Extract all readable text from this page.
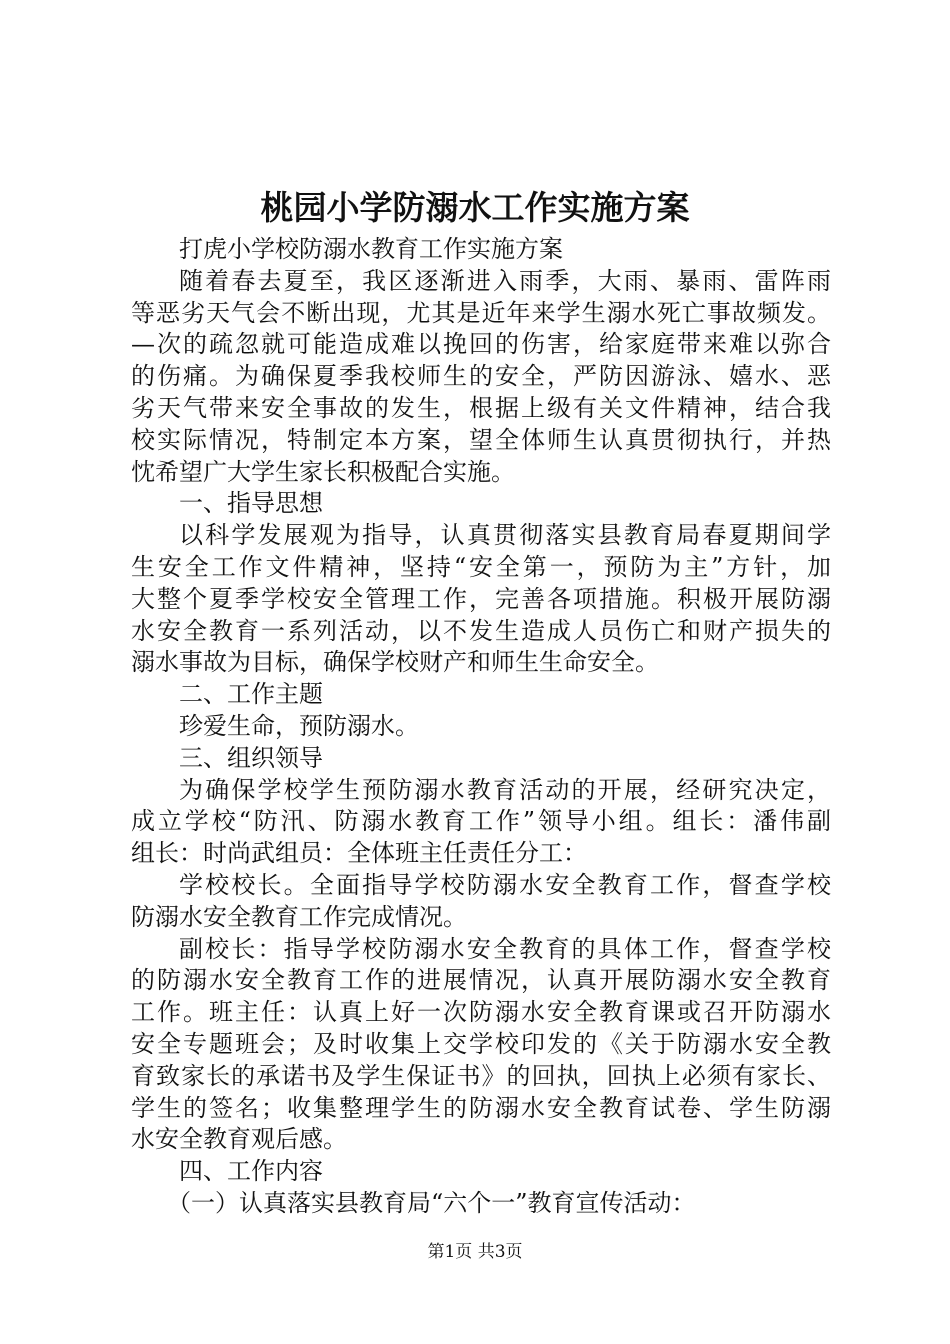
桃园小学防溺水工作实施方案
打虎小学校防溺水教育工作实施方案
随着春去夏至，我区逐渐进入雨季，大雨、暴雨、雷阵雨
等恶劣天气会不断出现，尤其是近年来学生溺水死亡事故频发。
—次的疏忽就可能造成难以挽回的伤害，给家庭带来难以弥合
的伤痛。为确保夏季我校师生的安全，严防因游泳、嬉水、恶
劣天气带来安全事故的发生，根据上级有关文件精神，结合我
校实际情况，特制定本方案，望全体师生认真贯彻执行，并热
忱希望广大学生家长积极配合实施。
一、指导思想
以科学发展观为指导，认真贯彻落实县教育局春夏期间学
生安全工作文件精神，坚持“安全第一，预防为主”方针，加
大整个夏季学校安全管理工作，完善各项措施。积极开展防溺
水安全教育一系列活动，以不发生造成人员伤亡和财产损失的
溺水事故为目标，确保学校财产和师生生命安全。
二、工作主题
珍爱生命，预防溺水。
三、组织领导
为确保学校学生预防溺水教育活动的开展，经研究决定，
成立学校“防汛、防溺水教育工作”领导小组。组长：潘伟副
组长：时尚武组员：全体班主任责任分工：
学校校长。全面指导学校防溺水安全教育工作，督查学校
防溺水安全教育工作完成情况。
副校长：指导学校防溺水安全教育的具体工作，督查学校
的防溺水安全教育工作的进展情况，认真开展防溺水安全教育
工作。班主任：认真上好一次防溺水安全教育课或召开防溺水
安全专题班会；及时收集上交学校印发的《关于防溺水安全教
育致家长的承诺书及学生保证书》的回执，回执上必须有家长、
学生的签名；收集整理学生的防溺水安全教育试卷、学生防溺
水安全教育观后感。
四、工作内容
（一）认真落实县教育局“六个一”教育宣传活动：
第1页 共3页
